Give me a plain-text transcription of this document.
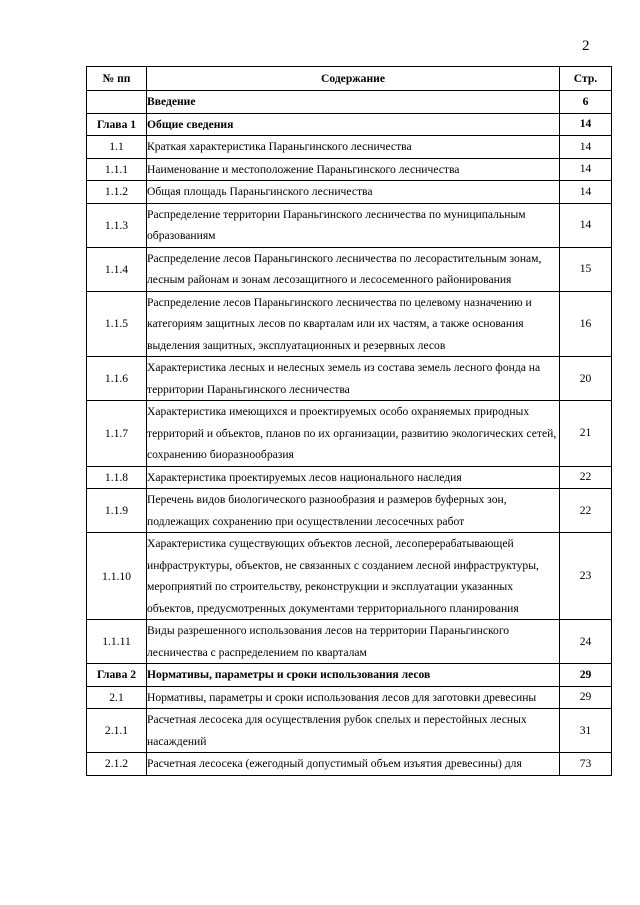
2
№ пп	Содержание	Стр.
	Введение	6
Глава 1	Общие сведения	14
1.1	Краткая характеристика Параньгинского лесничества	14
1.1.1	Наименование и местоположение Параньгинского лесничества	14
1.1.2	Общая площадь Параньгинского лесничества	14
1.1.3	Распределение территории Параньгинского лесничества по муниципальным образованиям	14
1.1.4	Распределение лесов Параньгинского лесничества по лесорастительным зонам, лесным районам и зонам лесозащитного и лесосеменного районирования	15
1.1.5	Распределение лесов Параньгинского лесничества по целевому назначению и категориям защитных лесов по кварталам или их частям, а также основания выделения защитных, эксплуатационных и резервных лесов	16
1.1.6	Характеристика лесных и нелесных земель из состава земель лесного фонда на территории Параньгинского лесничества	20
1.1.7	Характеристика имеющихся и проектируемых особо охраняемых природных территорий и объектов, планов по их организации, развитию экологических сетей, сохранению биоразнообразия	21
1.1.8	Характеристика проектируемых лесов национального наследия	22
1.1.9	Перечень видов биологического разнообразия и размеров буферных зон, подлежащих сохранению при осуществлении лесосечных работ	22
1.1.10	Характеристика существующих объектов лесной, лесоперерабатывающей инфраструктуры, объектов, не связанных с созданием лесной инфраструктуры, мероприятий по строительству, реконструкции и эксплуатации указанных объектов, предусмотренных документами территориального планирования	23
1.1.11	Виды разрешенного использования лесов на территории Параньгинского лесничества с распределением по кварталам	24
Глава 2	Нормативы, параметры и сроки использования лесов	29
2.1	Нормативы, параметры и сроки использования лесов для заготовки древесины	29
2.1.1	Расчетная лесосека для осуществления рубок спелых и перестойных лесных насаждений	31
2.1.2	Расчетная лесосека (ежегодный допустимый объем изъятия древесины) для	73
